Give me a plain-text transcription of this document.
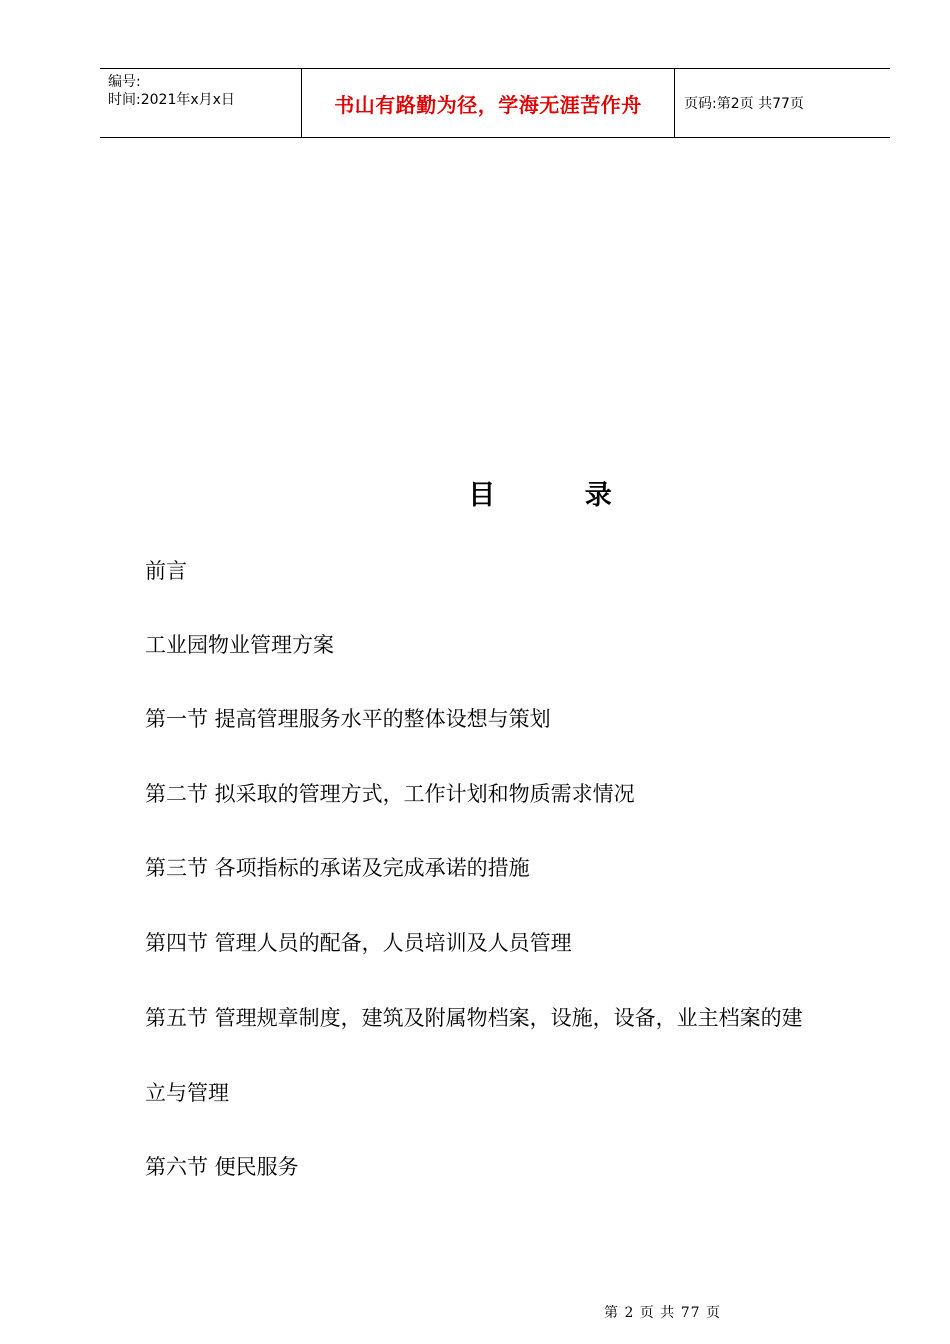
编号:
时间:2021年x月x日	书山有路勤为径，学海无涯苦作舟	页码:第2页 共77页
目 录
前言
工业园物业管理方案
第一节 提高管理服务水平的整体设想与策划
第二节 拟采取的管理方式，工作计划和物质需求情况
第三节 各项指标的承诺及完成承诺的措施
第四节 管理人员的配备，人员培训及人员管理
第五节 管理规章制度，建筑及附属物档案，设施，设备，业主档案的建
立与管理
第六节 便民服务
第 2 页 共 77 页
